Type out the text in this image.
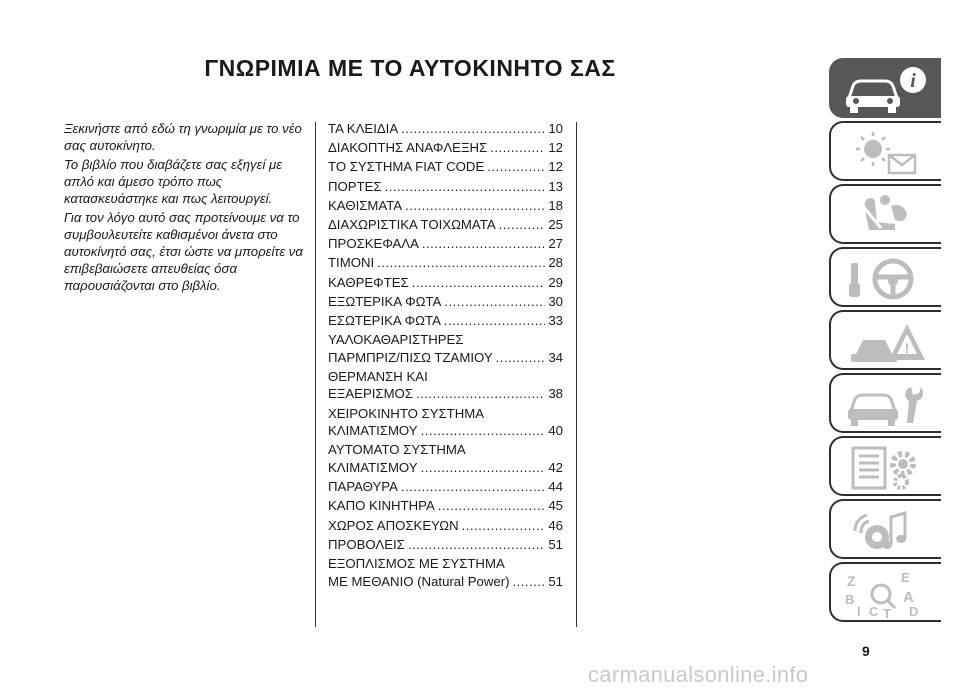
ΓΝΩΡΙΜΙΑ ΜΕ ΤΟ ΑΥΤΟΚΙΝΗΤΟ ΣΑΣ

Ξεκινήστε από εδώ τη γνωριμία με το νέο σας αυτοκίνητο.

Το βιβλίο που διαβάζετε σας εξηγεί με απλό και άμεσο τρόπο πως κατασκευάστηκε και πως λειτουργεί.

Για τον λόγο αυτό σας προτείνουμε να το συμβουλευτείτε καθισμένοι άνετα στο αυτοκίνητό σας, έτσι ώστε να μπορείτε να επιβεβαιώσετε απευθείας όσα παρουσιάζονται στο βιβλίο.

ΤΑ ΚΛΕΙΔΙΑ . . .	10
ΔΙΑΚΟΠΤΗΣ ΑΝΑΦΛΕΞΗΣ . . .	12
ΤΟ ΣΥΣΤΗΜΑ FIAT CODE . . .	12
ΠΟΡΤΕΣ . . .	13
ΚΑΘΙΣΜΑΤΑ . . .	18
ΔΙΑΧΩΡΙΣΤΙΚΑ ΤΟΙΧΩΜΑΤΑ . . .	25
ΠΡΟΣΚΕΦΑΛΑ . . .	27
ΤΙΜΟΝΙ . . .	28
ΚΑΘΡΕΦΤΕΣ . . .	29
ΕΞΩΤΕΡΙΚΑ ΦΩΤΑ . . .	30
ΕΣΩΤΕΡΙΚΑ ΦΩΤΑ . . .	33
ΥΑΛΟΚΑΘΑΡΙΣΤΗΡΕΣ
ΠΑΡΜΠΡΙΖ/ΠΙΣΩ ΤΖΑΜΙΟΥ . . .	34
ΘΕΡΜΑΝΣΗ ΚΑΙ
ΕΞΑΕΡΙΣΜΟΣ . . .	38
ΧΕΙΡΟΚΙΝΗΤΟ ΣΥΣΤΗΜΑ
ΚΛΙΜΑΤΙΣΜΟΥ . . .	40
ΑΥΤΟΜΑΤΟ ΣΥΣΤΗΜΑ
ΚΛΙΜΑΤΙΣΜΟΥ . . .	42
ΠΑΡΑΘΥΡΑ . . .	44
ΚΑΠΟ ΚΙΝΗΤΗΡΑ . . .	45
ΧΩΡΟΣ ΑΠΟΣΚΕΥΩΝ . . .	46
ΠΡΟΒΟΛΕΙΣ . . .	51
ΕΞΟΠΛΙΣΜΟΣ ΜΕ ΣΥΣΤΗΜΑ
ΜΕ ΜΕΘΑΝΙΟ (Natural Power) . . .	51
i
!
Z	E
B	A
I C T D
9
carmanualsonline.info
